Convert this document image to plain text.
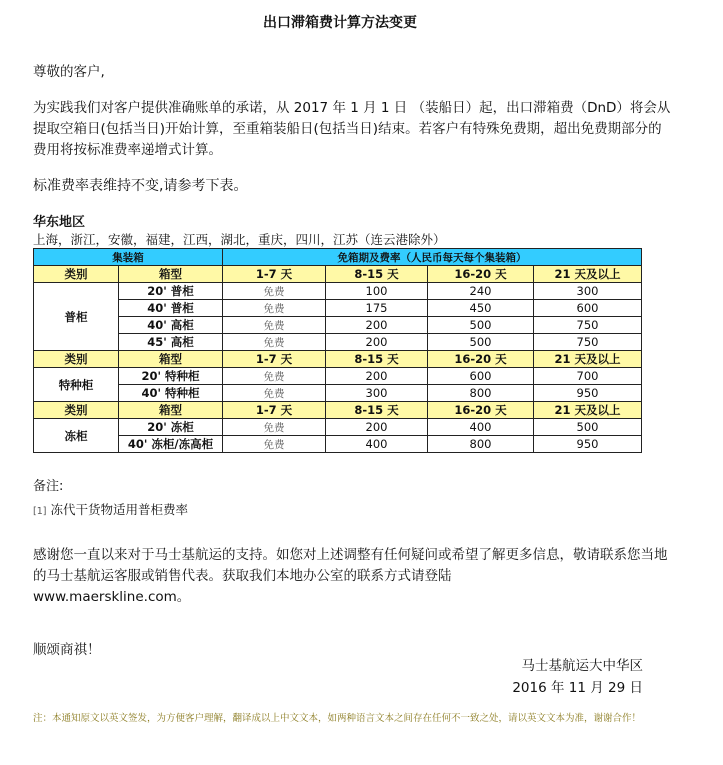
出口滞箱费计算方法变更
尊敬的客户,
为实践我们对客户提供准确账单的承诺，从 2017 年 1 月 1 日 （装船日）起，出口滞箱费（DnD）将会从提取空箱日(包括当日)开始计算，至重箱装船日(包括当日)结束。若客户有特殊免费期，超出免费期部分的费用将按标准费率递增式计算。
标准费率表维持不变,请参考下表。
华东地区
上海，浙江，安徽，福建，江西，湖北，重庆，四川，江苏（连云港除外）
集装箱		免箱期及费率（人民币每天每个集装箱）			
类别	箱型	1-7 天	8-15 天	16-20 天	21 天及以上
普柜	20' 普柜	免费	100	240	300
	40' 普柜	免费	175	450	600
	40' 高柜	免费	200	500	750
	45' 高柜	免费	200	500	750
类别	箱型	1-7 天	8-15 天	16-20 天	21 天及以上
特种柜	20' 特种柜	免费	200	600	700
	40' 特种柜	免费	300	800	950
类别	箱型	1-7 天	8-15 天	16-20 天	21 天及以上
冻柜	20' 冻柜	免费	200	400	500
	40' 冻柜/冻高柜	免费	400	800	950
备注:
[1] 冻代干货物适用普柜费率
感谢您一直以来对于马士基航运的支持。如您对上述调整有任何疑问或希望了解更多信息，敬请联系您当地的马士基航运客服或销售代表。获取我们本地办公室的联系方式请登陆
www.maerskline.com。
顺颂商祺！
马士基航运大中华区
2016 年 11 月 29 日
注：本通知原文以英文签发，为方便客户理解，翻译成以上中文文本，如两种语言文本之间存在任何不一致之处，请以英文文本为准，谢谢合作！
